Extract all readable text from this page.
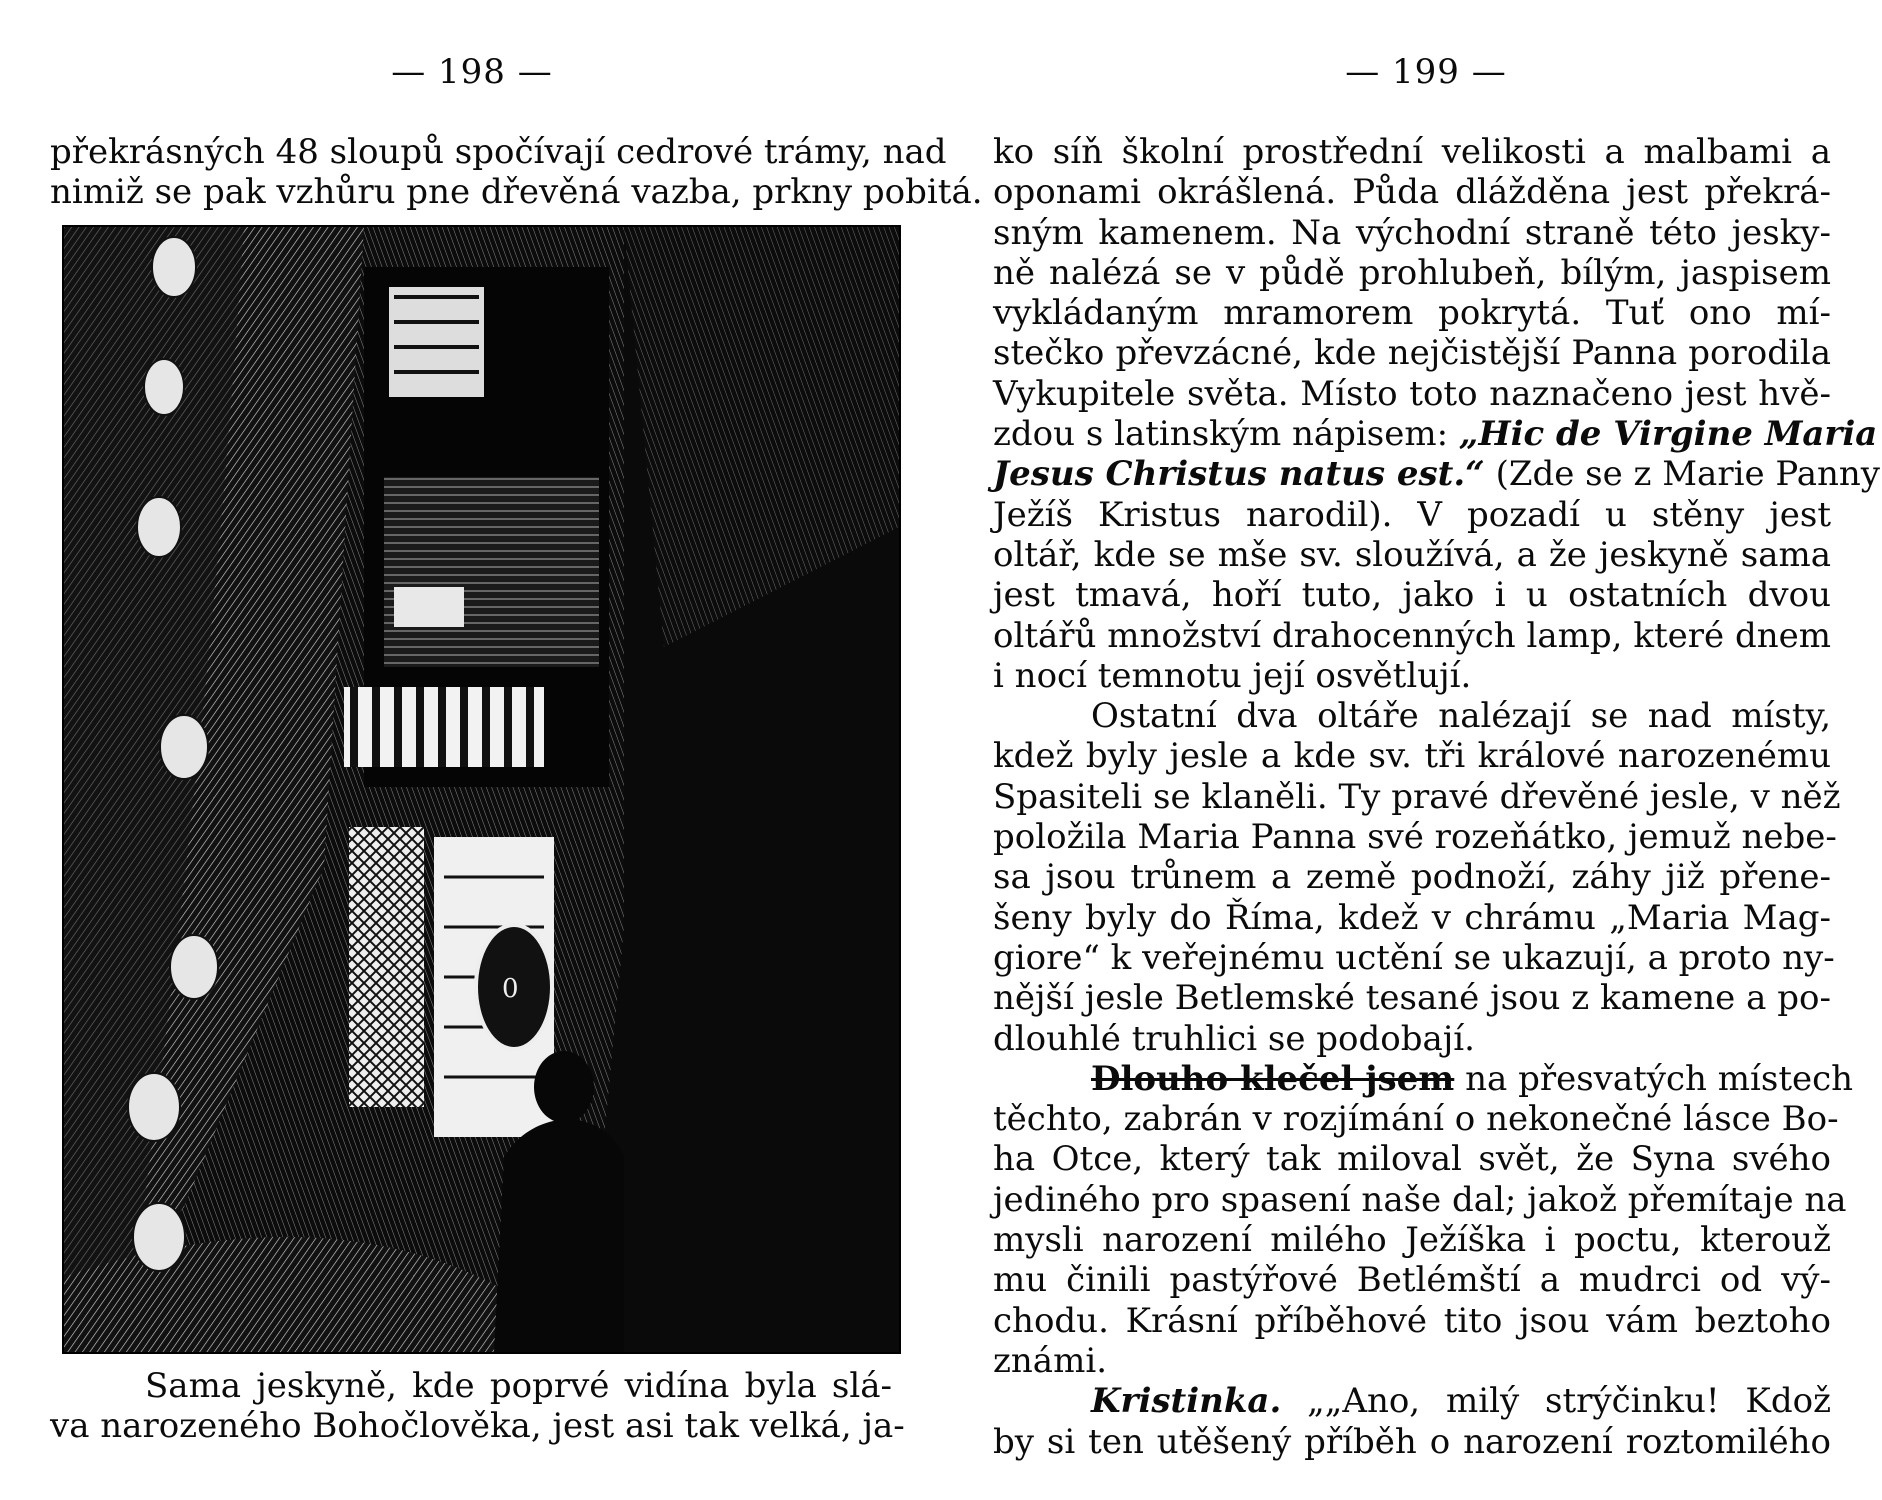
— 198 —
překrásných 48 sloupů spočívají cedrové trámy, nad
nimiž se pak vzhůru pne dřevěná vazba, prkny pobitá.
0
Sama jeskyně, kde poprvé vidína byla slá-
va narozeného Bohočlověka, jest asi tak velká, ja-
— 199 —
ko síň školní prostřední velikosti a malbami a
oponami okrášlená. Půda dlážděna jest překrá-
sným kamenem. Na východní straně této jesky-
ně nalézá se v půdě prohlubeň, bílým, jaspisem
vykládaným mramorem pokrytá. Tuť ono mí-
stečko převzácné, kde nejčistější Panna porodila
Vykupitele světa. Místo toto naznačeno jest hvě-
zdou s latinským nápisem: „Hic de Virgine Maria
Jesus Christus natus est.“ (Zde se z Marie Panny
Ježíš Kristus narodil). V pozadí u stěny jest
oltář, kde se mše sv. sloužívá, a že jeskyně sama
jest tmavá, hoří tuto, jako i u ostatních dvou
oltářů množství drahocenných lamp, které dnem
i nocí temnotu její osvětlují.
Ostatní dva oltáře nalézají se nad místy,
kdež byly jesle a kde sv. tři králové narozenému
Spasiteli se klaněli. Ty pravé dřevěné jesle, v něž
položila Maria Panna své rozeňátko, jemuž nebe-
sa jsou trůnem a země podnoží, záhy již přene-
šeny byly do Říma, kdež v chrámu „Maria Mag-
giore“ k veřejnému uctění se ukazují, a proto ny-
nější jesle Betlemské tesané jsou z kamene a po-
dlouhlé truhlici se podobají.
Dlouho klečel jsem na přesvatých místech
těchto, zabrán v rozjímání o nekonečné lásce Bo-
ha Otce, který tak miloval svět, že Syna svého
jediného pro spasení naše dal; jakož přemítaje na
mysli narození milého Ježíška i poctu, kterouž
mu činili pastýřové Betlémští a mudrci od vý-
chodu. Krásní příběhové tito jsou vám beztoho
známi.
Kristinka. „„Ano, milý strýčinku! Kdož
by si ten utěšený příběh o narození roztomilého
